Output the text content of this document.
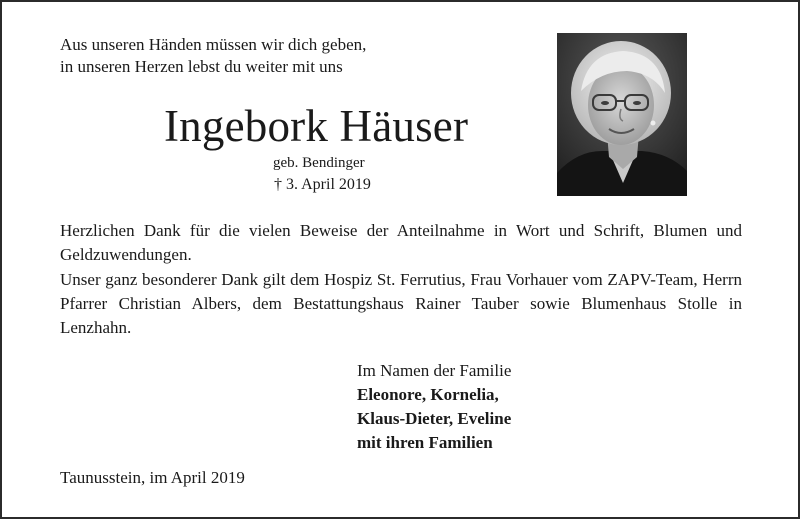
Aus unseren Händen müssen wir dich geben,
in unseren Herzen lebst du weiter mit uns

Ingebork Häuser

geb. Bendinger

† 3. April 2019

Herzlichen Dank für die vielen Beweise der Anteilnahme in Wort und Schrift, Blumen und Geldzuwendungen.

Unser ganz besonderer Dank gilt dem Hospiz St. Ferrutius, Frau Vorhauer vom ZAPV-Team, Herrn Pfarrer Christian Albers, dem Bestattungshaus Rainer Tauber sowie Blumenhaus Stolle in Lenzhahn.

Im Namen der Familie
Eleonore, Kornelia,
Klaus-Dieter, Eveline
mit ihren Familien

Taunusstein, im April 2019
